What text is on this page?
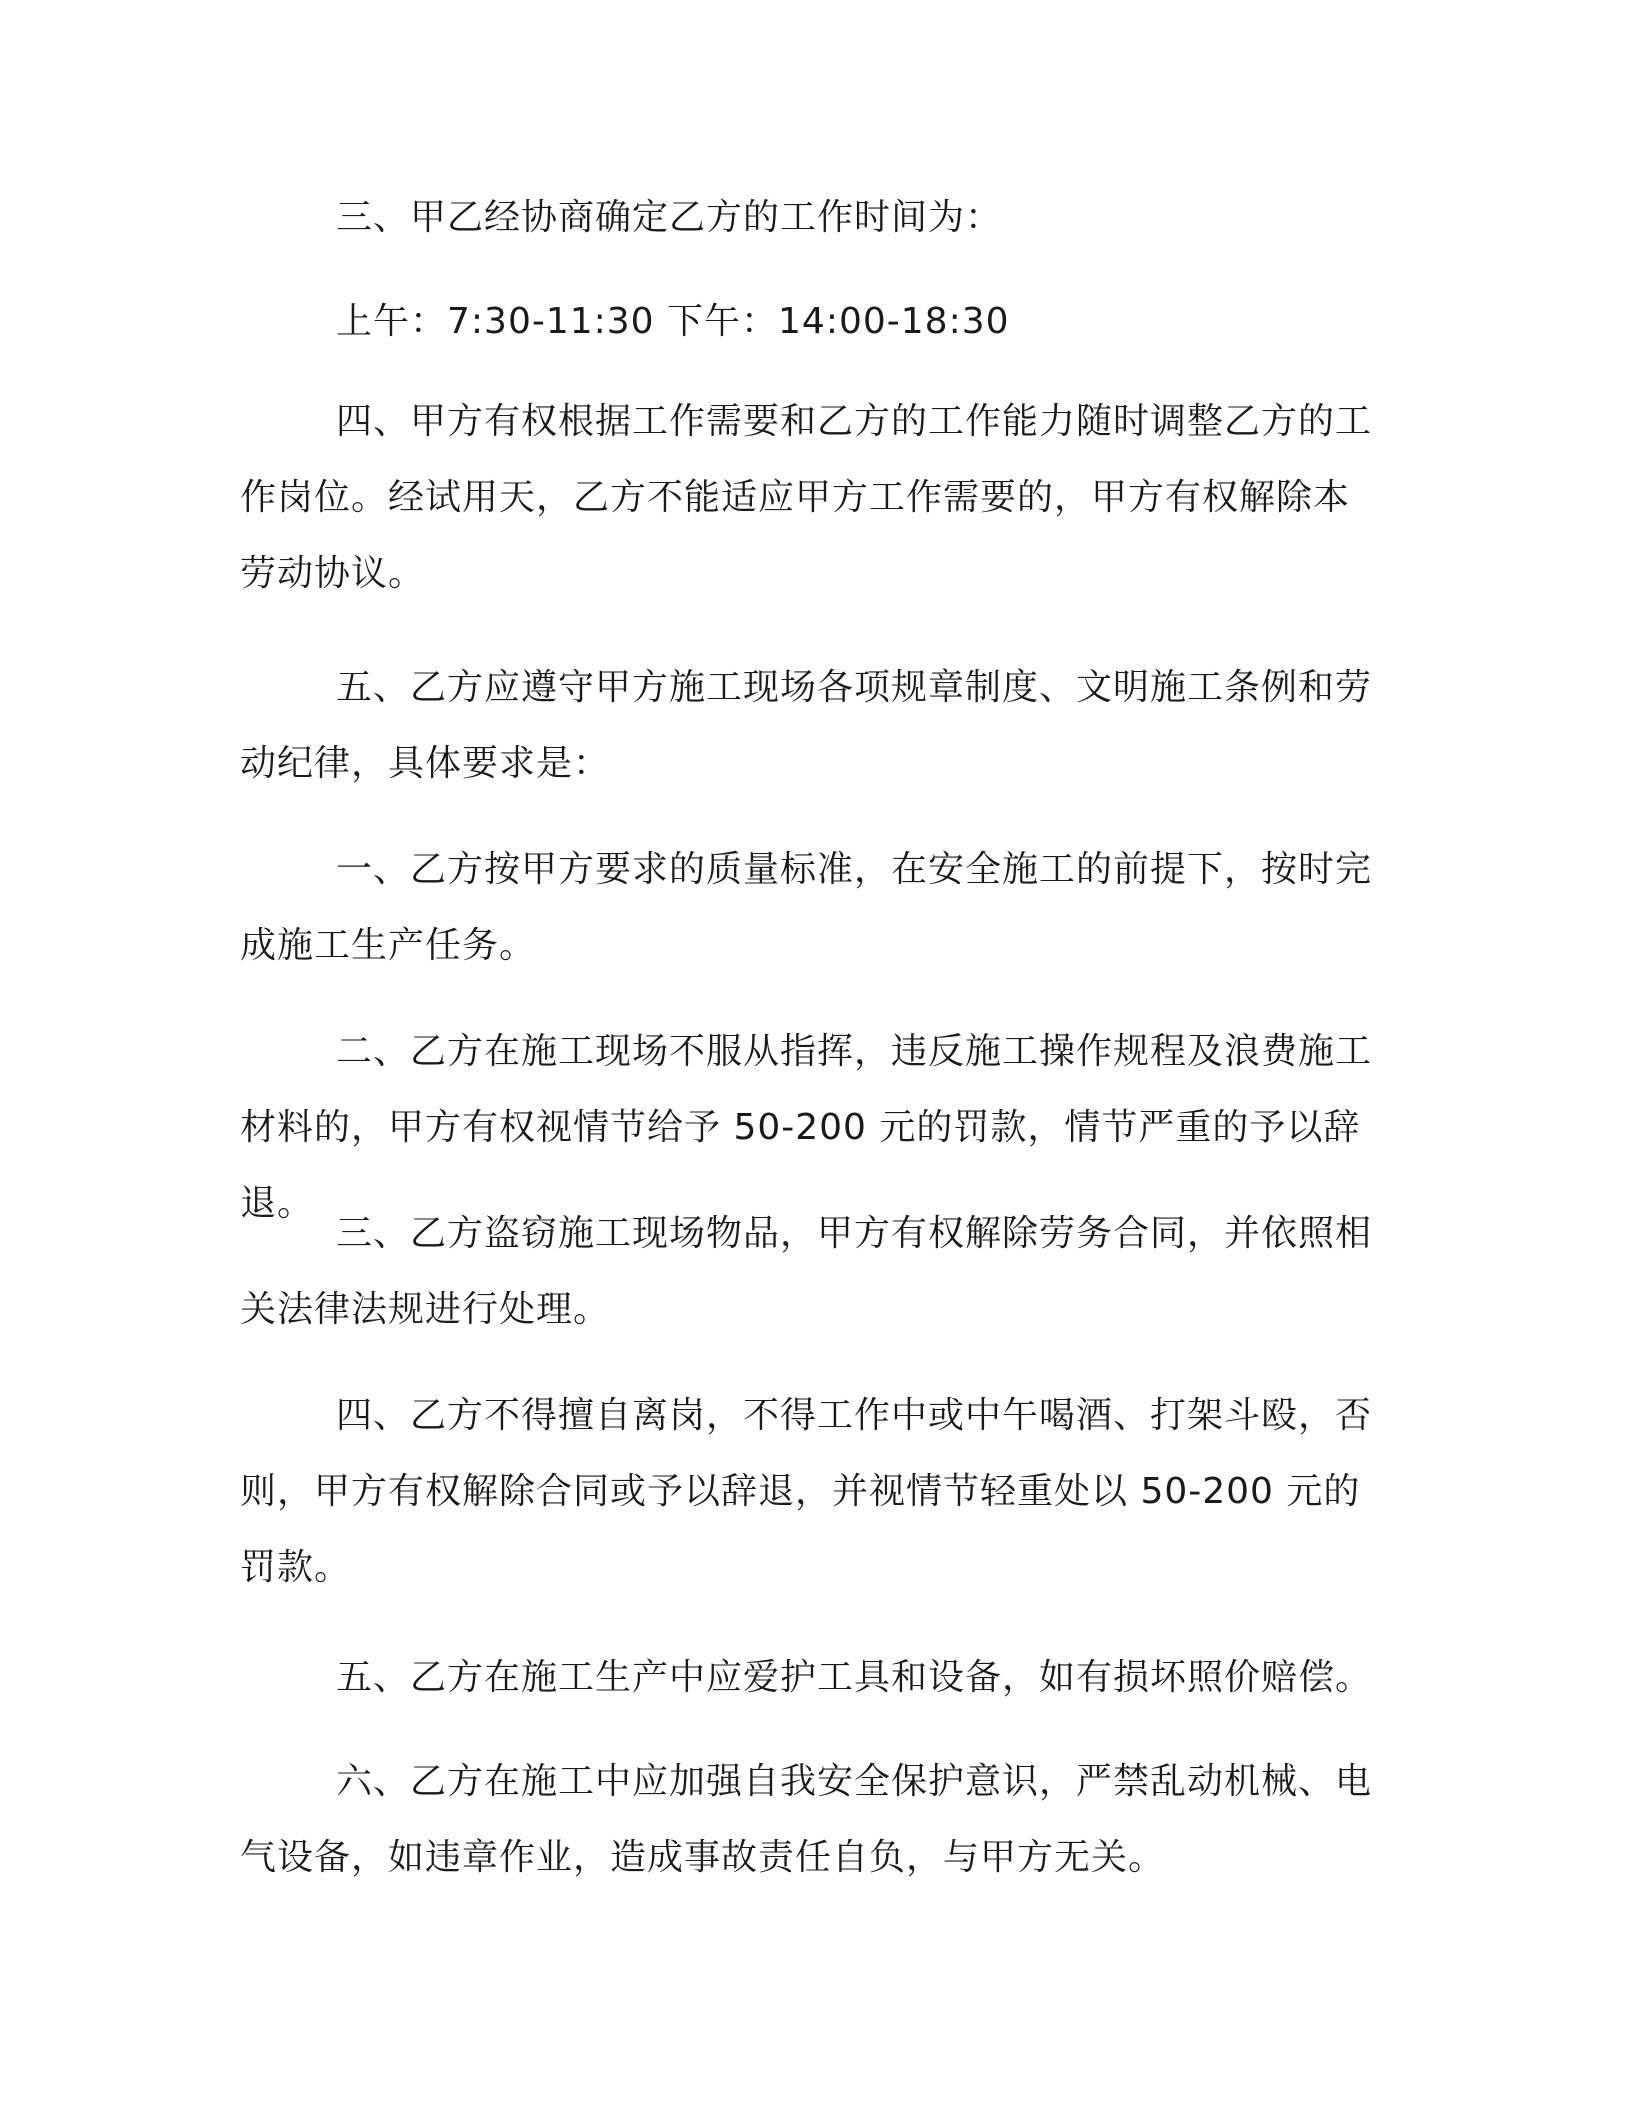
三、甲乙经协商确定乙方的工作时间为：

上午：7:30-11:30 下午：14:00-18:30

四、甲方有权根据工作需要和乙方的工作能力随时调整乙方的工作岗位。经试用天，乙方不能适应甲方工作需要的，甲方有权解除本劳动协议。

五、乙方应遵守甲方施工现场各项规章制度、文明施工条例和劳动纪律，具体要求是：

一、乙方按甲方要求的质量标准，在安全施工的前提下，按时完成施工生产任务。

二、乙方在施工现场不服从指挥，违反施工操作规程及浪费施工材料的，甲方有权视情节给予 50-200 元的罚款，情节严重的予以辞退。

三、乙方盗窃施工现场物品，甲方有权解除劳务合同，并依照相关法律法规进行处理。

四、乙方不得擅自离岗，不得工作中或中午喝酒、打架斗殴，否则，甲方有权解除合同或予以辞退，并视情节轻重处以 50-200 元的罚款。

五、乙方在施工生产中应爱护工具和设备，如有损坏照价赔偿。

六、乙方在施工中应加强自我安全保护意识，严禁乱动机械、电气设备，如违章作业，造成事故责任自负，与甲方无关。
